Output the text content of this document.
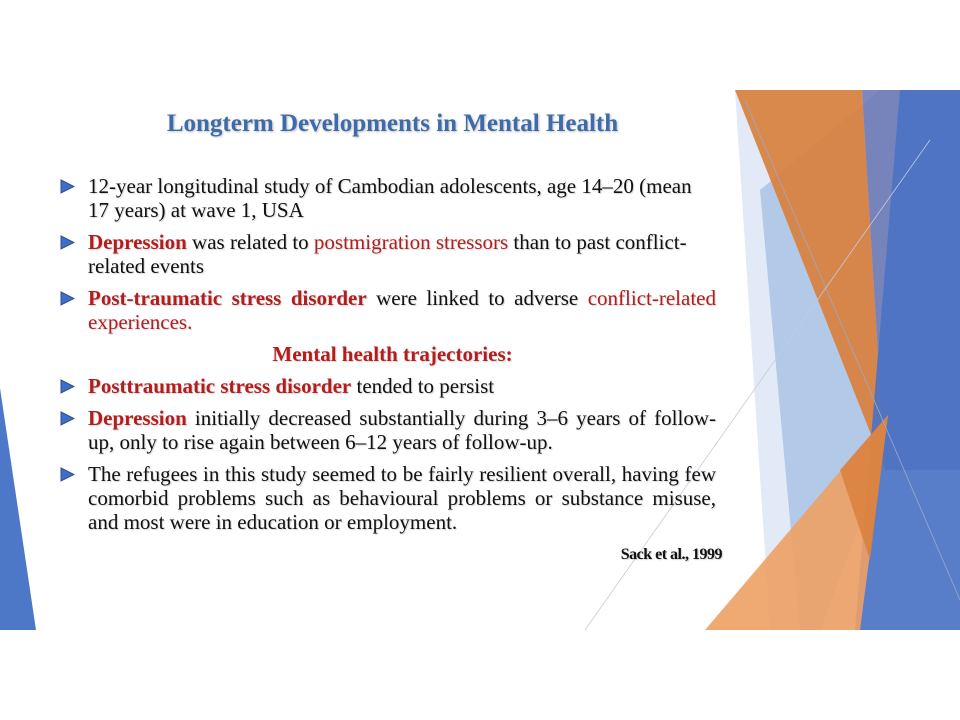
Longterm Developments in Mental Health
12-year longitudinal study of Cambodian adolescents, age 14–20 (mean 17 years) at wave 1, USA
Depression was related to postmigration stressors than to past conflict-related events
Post-traumatic stress disorder were linked to adverse conflict-related experiences.
Mental health trajectories:
Posttraumatic stress disorder tended to persist
Depression initially decreased substantially during 3–6 years of follow-up, only to rise again between 6–12 years of follow-up.
The refugees in this study seemed to be fairly resilient overall, having few comorbid problems such as behavioural problems or substance misuse, and most were in education or employment.
Sack et al., 1999
